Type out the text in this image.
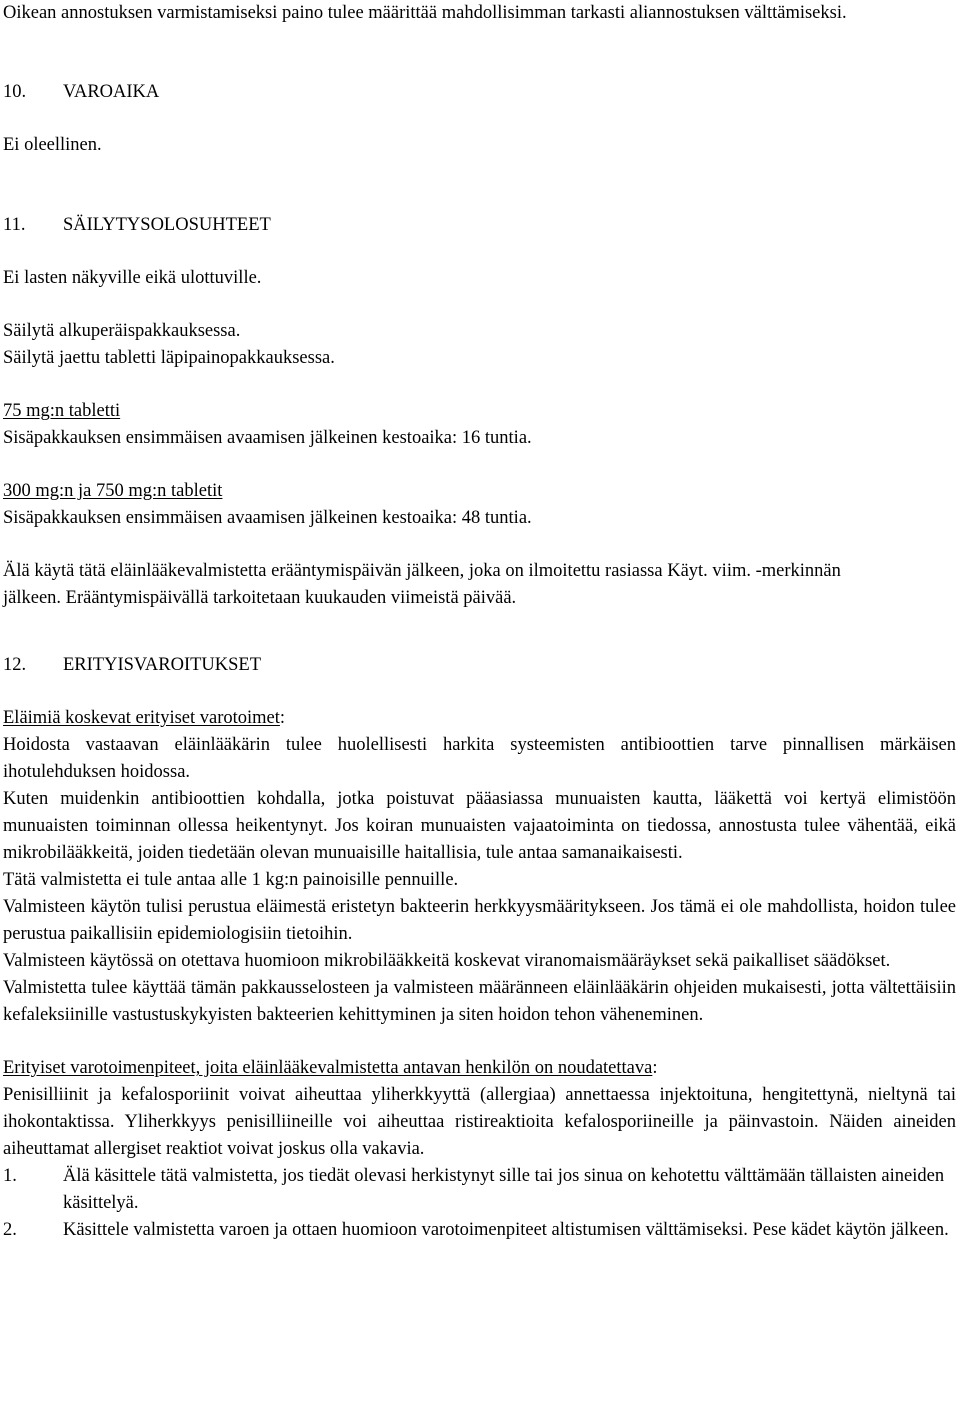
Oikean annostuksen varmistamiseksi paino tulee määrittää mahdollisimman tarkasti aliannostuksen välttämiseksi.

10.	VAROAIKA

Ei oleellinen.

11.	SÄILYTYSOLOSUHTEET

Ei lasten näkyville eikä ulottuville.

Säilytä alkuperäispakkauksessa.

Säilytä jaettu tabletti läpipainopakkauksessa.

75 mg:n tabletti

Sisäpakkauksen ensimmäisen avaamisen jälkeinen kestoaika: 16 tuntia.

300 mg:n ja 750 mg:n tabletit

Sisäpakkauksen ensimmäisen avaamisen jälkeinen kestoaika: 48 tuntia.

Älä käytä tätä eläinlääkevalmistetta erääntymispäivän jälkeen, joka on ilmoitettu rasiassa Käyt. viim. -merkinnän jälkeen. Erääntymispäivällä tarkoitetaan kuukauden viimeistä päivää.

12.	ERITYISVAROITUKSET

Eläimiä koskevat erityiset varotoimet:

Hoidosta vastaavan eläinlääkärin tulee huolellisesti harkita systeemisten antibioottien tarve pinnallisen märkäisen ihotulehduksen hoidossa.

Kuten muidenkin antibioottien kohdalla, jotka poistuvat pääasiassa munuaisten kautta, lääkettä voi kertyä elimistöön munuaisten toiminnan ollessa heikentynyt. Jos koiran munuaisten vajaatoiminta on tiedossa, annostusta tulee vähentää, eikä mikrobilääkkeitä, joiden tiedetään olevan munuaisille haitallisia, tule antaa samanaikaisesti.

Tätä valmistetta ei tule antaa alle 1 kg:n painoisille pennuille.

Valmisteen käytön tulisi perustua eläimestä eristetyn bakteerin herkkyysmääritykseen. Jos tämä ei ole mahdollista, hoidon tulee perustua paikallisiin epidemiologisiin tietoihin.

Valmisteen käytössä on otettava huomioon mikrobilääkkeitä koskevat viranomaismääräykset sekä paikalliset säädökset.

Valmistetta tulee käyttää tämän pakkausselosteen ja valmisteen määränneen eläinlääkärin ohjeiden mukaisesti, jotta vältettäisiin kefaleksiinille vastustuskykyisten bakteerien kehittyminen ja siten hoidon tehon väheneminen.

Erityiset varotoimenpiteet, joita eläinlääkevalmistetta antavan henkilön on noudatettava:

Penisilliinit ja kefalosporiinit voivat aiheuttaa yliherkkyyttä (allergiaa) annettaessa injektoituna, hengitettynä, nieltynä tai ihokontaktissa. Yliherkkyys penisilliineille voi aiheuttaa ristireaktioita kefalosporiineille ja päinvastoin. Näiden aineiden aiheuttamat allergiset reaktiot voivat joskus olla vakavia.

1.	Älä käsittele tätä valmistetta, jos tiedät olevasi herkistynyt sille tai jos sinua on kehotettu välttämään tällaisten aineiden käsittelyä.
2.	Käsittele valmistetta varoen ja ottaen huomioon varotoimenpiteet altistumisen välttämiseksi. Pese kädet käytön jälkeen.
